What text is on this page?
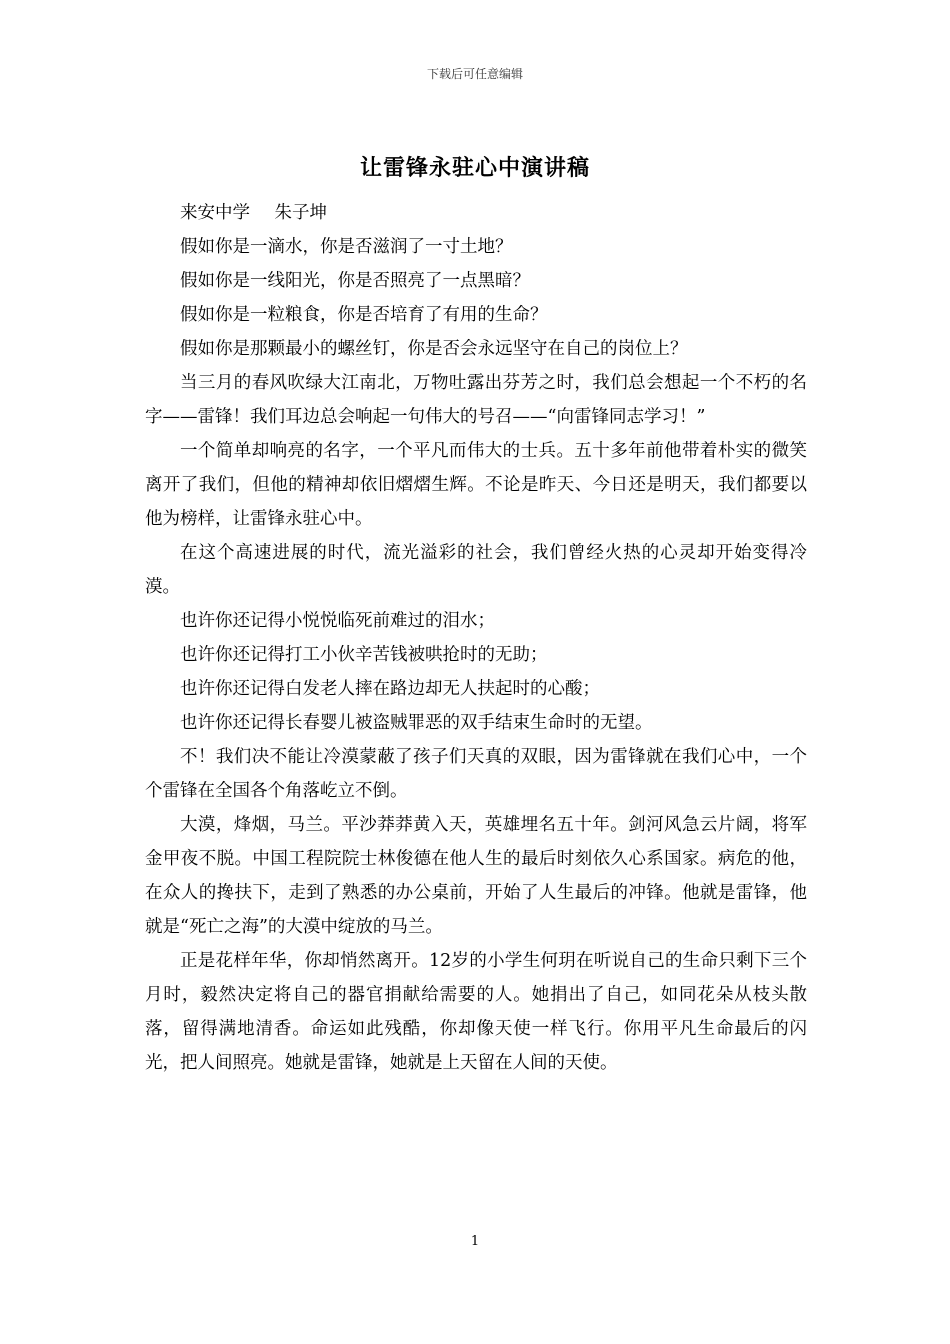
下载后可任意编辑
让雷锋永驻心中演讲稿

来安中学 朱子坤

假如你是一滴水，你是否滋润了一寸土地？

假如你是一线阳光，你是否照亮了一点黑暗？

假如你是一粒粮食，你是否培育了有用的生命？

假如你是那颗最小的螺丝钉，你是否会永远坚守在自己的岗位上？

当三月的春风吹绿大江南北，万物吐露出芬芳之时，我们总会想起一个不朽的名字——雷锋！我们耳边总会响起一句伟大的号召——“向雷锋同志学习！”

一个简单却响亮的名字，一个平凡而伟大的士兵。五十多年前他带着朴实的微笑离开了我们，但他的精神却依旧熠熠生辉。不论是昨天、今日还是明天，我们都要以他为榜样，让雷锋永驻心中。

在这个高速进展的时代，流光溢彩的社会，我们曾经火热的心灵却开始变得冷漠。

也许你还记得小悦悦临死前难过的泪水；

也许你还记得打工小伙辛苦钱被哄抢时的无助；

也许你还记得白发老人摔在路边却无人扶起时的心酸；

也许你还记得长春婴儿被盗贼罪恶的双手结束生命时的无望。

不！我们决不能让冷漠蒙蔽了孩子们天真的双眼，因为雷锋就在我们心中，一个个雷锋在全国各个角落屹立不倒。

大漠，烽烟，马兰。平沙莽莽黄入天，英雄埋名五十年。剑河风急云片阔，将军金甲夜不脱。中国工程院院士林俊德在他人生的最后时刻依久心系国家。病危的他，在众人的搀扶下，走到了熟悉的办公桌前，开始了人生最后的冲锋。他就是雷锋，他就是“死亡之海”的大漠中绽放的马兰。

正是花样年华，你却悄然离开。12岁的小学生何玥在听说自己的生命只剩下三个月时，毅然决定将自己的器官捐献给需要的人。她捐出了自己，如同花朵从枝头散落，留得满地清香。命运如此残酷，你却像天使一样飞行。你用平凡生命最后的闪光，把人间照亮。她就是雷锋，她就是上天留在人间的天使。

1
